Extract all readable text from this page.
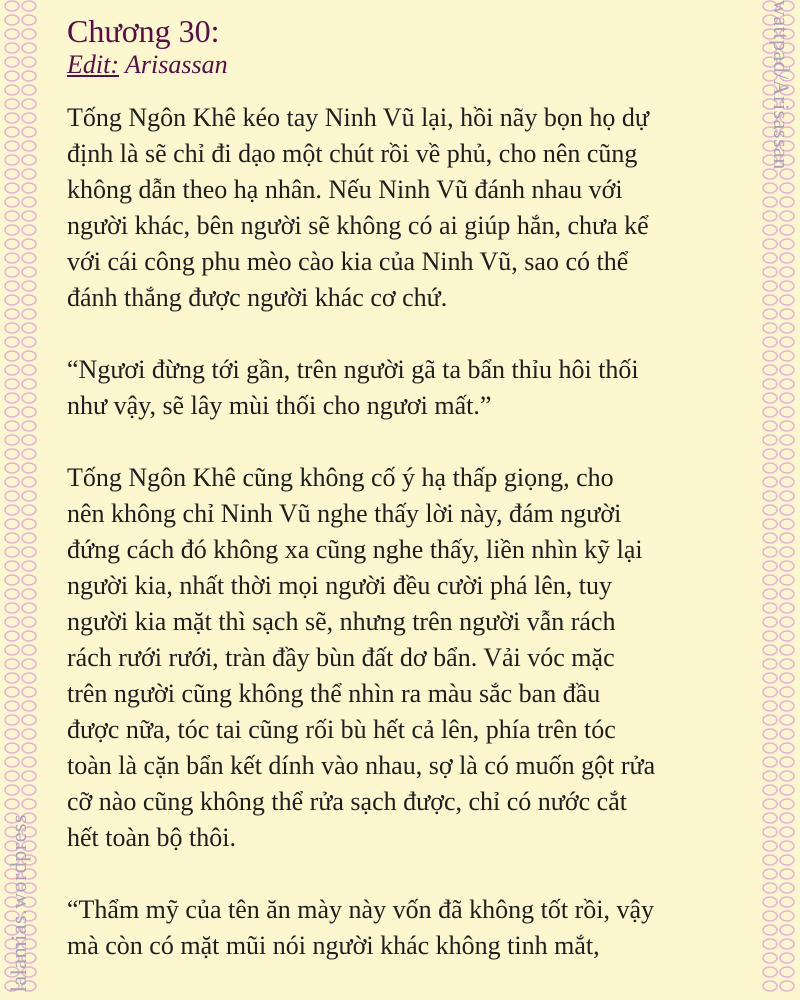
wattpad/Arisassan
lalamias.wordpress
Chương 30:
Edit: Arisassan

Tống Ngôn Khê kéo tay Ninh Vũ lại, hồi nãy bọn họ dự
định là sẽ chỉ đi dạo một chút rồi về phủ, cho nên cũng
không dẫn theo hạ nhân. Nếu Ninh Vũ đánh nhau với
người khác, bên người sẽ không có ai giúp hắn, chưa kể
với cái công phu mèo cào kia của Ninh Vũ, sao có thể
đánh thắng được người khác cơ chứ.

“Ngươi đừng tới gần, trên người gã ta bẩn thỉu hôi thối
như vậy, sẽ lây mùi thối cho ngươi mất.”

Tống Ngôn Khê cũng không cố ý hạ thấp giọng, cho
nên không chỉ Ninh Vũ nghe thấy lời này, đám người
đứng cách đó không xa cũng nghe thấy, liền nhìn kỹ lại
người kia, nhất thời mọi người đều cười phá lên, tuy
người kia mặt thì sạch sẽ, nhưng trên người vẫn rách
rách rưới rưới, tràn đầy bùn đất dơ bẩn. Vải vóc mặc
trên người cũng không thể nhìn ra màu sắc ban đầu
được nữa, tóc tai cũng rối bù hết cả lên, phía trên tóc
toàn là cặn bẩn kết dính vào nhau, sợ là có muốn gột rửa
cỡ nào cũng không thể rửa sạch được, chỉ có nước cắt
hết toàn bộ thôi.

“Thẩm mỹ của tên ăn mày này vốn đã không tốt rồi, vậy
mà còn có mặt mũi nói người khác không tinh mắt,
